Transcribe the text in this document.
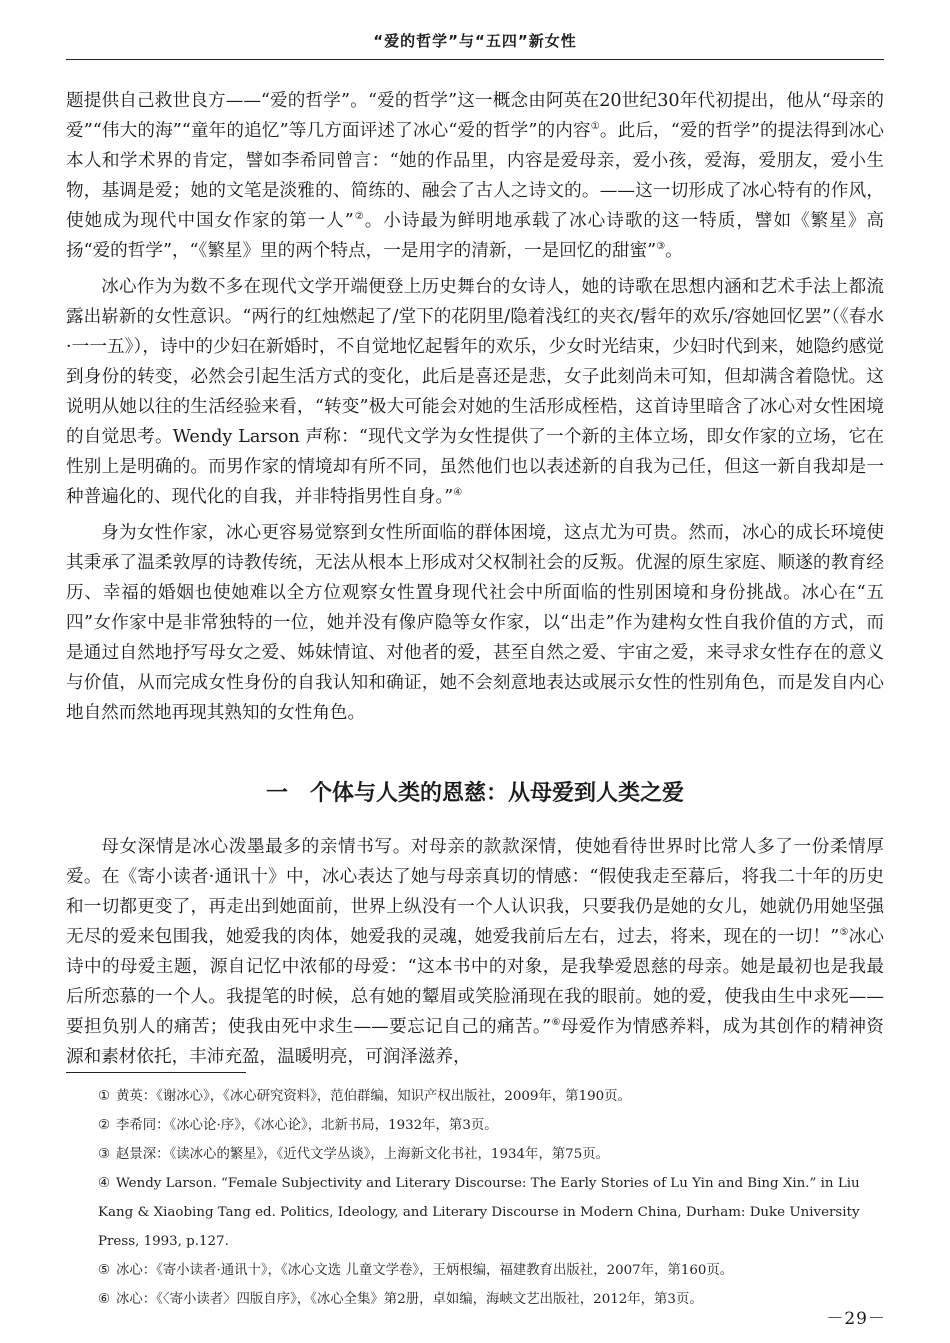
“爱的哲学”与“五四”新女性

题提供自己救世良方——“爱的哲学”。“爱的哲学”这一概念由阿英在20世纪30年代初提出，他从“母亲的爱”“伟大的海”“童年的追忆”等几方面评述了冰心“爱的哲学”的内容①。此后，“爱的哲学”的提法得到冰心本人和学术界的肯定，譬如李希同曾言：“她的作品里，内容是爱母亲，爱小孩，爱海，爱朋友，爱小生物，基调是爱；她的文笔是淡雅的、简练的、融会了古人之诗文的。——这一切形成了冰心特有的作风，使她成为现代中国女作家的第一人”②。小诗最为鲜明地承载了冰心诗歌的这一特质，譬如《繁星》高扬“爱的哲学”，“《繁星》里的两个特点，一是用字的清新，一是回忆的甜蜜”③。

冰心作为为数不多在现代文学开端便登上历史舞台的女诗人，她的诗歌在思想内涵和艺术手法上都流露出崭新的女性意识。“两行的红烛燃起了/堂下的花阴里/隐着浅红的夹衣/髫年的欢乐/容她回忆罢”（《春水·一一五》），诗中的少妇在新婚时，不自觉地忆起髫年的欢乐，少女时光结束，少妇时代到来，她隐约感觉到身份的转变，必然会引起生活方式的变化，此后是喜还是悲，女子此刻尚未可知，但却满含着隐忧。这说明从她以往的生活经验来看，“转变”极大可能会对她的生活形成桎梏，这首诗里暗含了冰心对女性困境的自觉思考。Wendy Larson 声称：“现代文学为女性提供了一个新的主体立场，即女作家的立场，它在性别上是明确的。而男作家的情境却有所不同，虽然他们也以表述新的自我为己任，但这一新自我却是一种普遍化的、现代化的自我，并非特指男性自身。”④

身为女性作家，冰心更容易觉察到女性所面临的群体困境，这点尤为可贵。然而，冰心的成长环境使其秉承了温柔敦厚的诗教传统，无法从根本上形成对父权制社会的反叛。优渥的原生家庭、顺遂的教育经历、幸福的婚姻也使她难以全方位观察女性置身现代社会中所面临的性别困境和身份挑战。冰心在“五四”女作家中是非常独特的一位，她并没有像庐隐等女作家，以“出走”作为建构女性自我价值的方式，而是通过自然地抒写母女之爱、姊妹情谊、对他者的爱，甚至自然之爱、宇宙之爱，来寻求女性存在的意义与价值，从而完成女性身份的自我认知和确证，她不会刻意地表达或展示女性的性别角色，而是发自内心地自然而然地再现其熟知的女性角色。

一　个体与人类的恩慈：从母爱到人类之爱

母女深情是冰心泼墨最多的亲情书写。对母亲的款款深情，使她看待世界时比常人多了一份柔情厚爱。在《寄小读者·通讯十》中，冰心表达了她与母亲真切的情感：“假使我走至幕后，将我二十年的历史和一切都更变了，再走出到她面前，世界上纵没有一个人认识我，只要我仍是她的女儿，她就仍用她坚强无尽的爱来包围我，她爱我的肉体，她爱我的灵魂，她爱我前后左右，过去，将来，现在的一切！”⑤冰心诗中的母爱主题，源自记忆中浓郁的母爱：“这本书中的对象，是我挚爱恩慈的母亲。她是最初也是我最后所恋慕的一个人。我提笔的时候，总有她的颦眉或笑脸涌现在我的眼前。她的爱，使我由生中求死——要担负别人的痛苦；使我由死中求生——要忘记自己的痛苦。”⑥母爱作为情感养料，成为其创作的精神资源和素材依托，丰沛充盈，温暖明亮，可润泽滋养，

① 黄英：《谢冰心》，《冰心研究资料》，范伯群编，知识产权出版社，2009年，第190页。
② 李希同：《冰心论·序》，《冰心论》，北新书局，1932年，第3页。
③ 赵景深：《读冰心的繁星》，《近代文学丛谈》，上海新文化书社，1934年，第75页。
④ Wendy Larson. “Female Subjectivity and Literary Discourse: The Early Stories of Lu Yin and Bing Xin.” in Liu Kang & Xiaobing Tang ed. Politics, Ideology, and Literary Discourse in Modern China, Durham: Duke University Press, 1993, p.127.
⑤ 冰心：《寄小读者·通讯十》，《冰心文选 儿童文学卷》，王炳根编，福建教育出版社，2007年，第160页。
⑥ 冰心：《〈寄小读者〉四版自序》，《冰心全集》第2册，卓如编，海峡文艺出版社，2012年，第3页。
－29－
